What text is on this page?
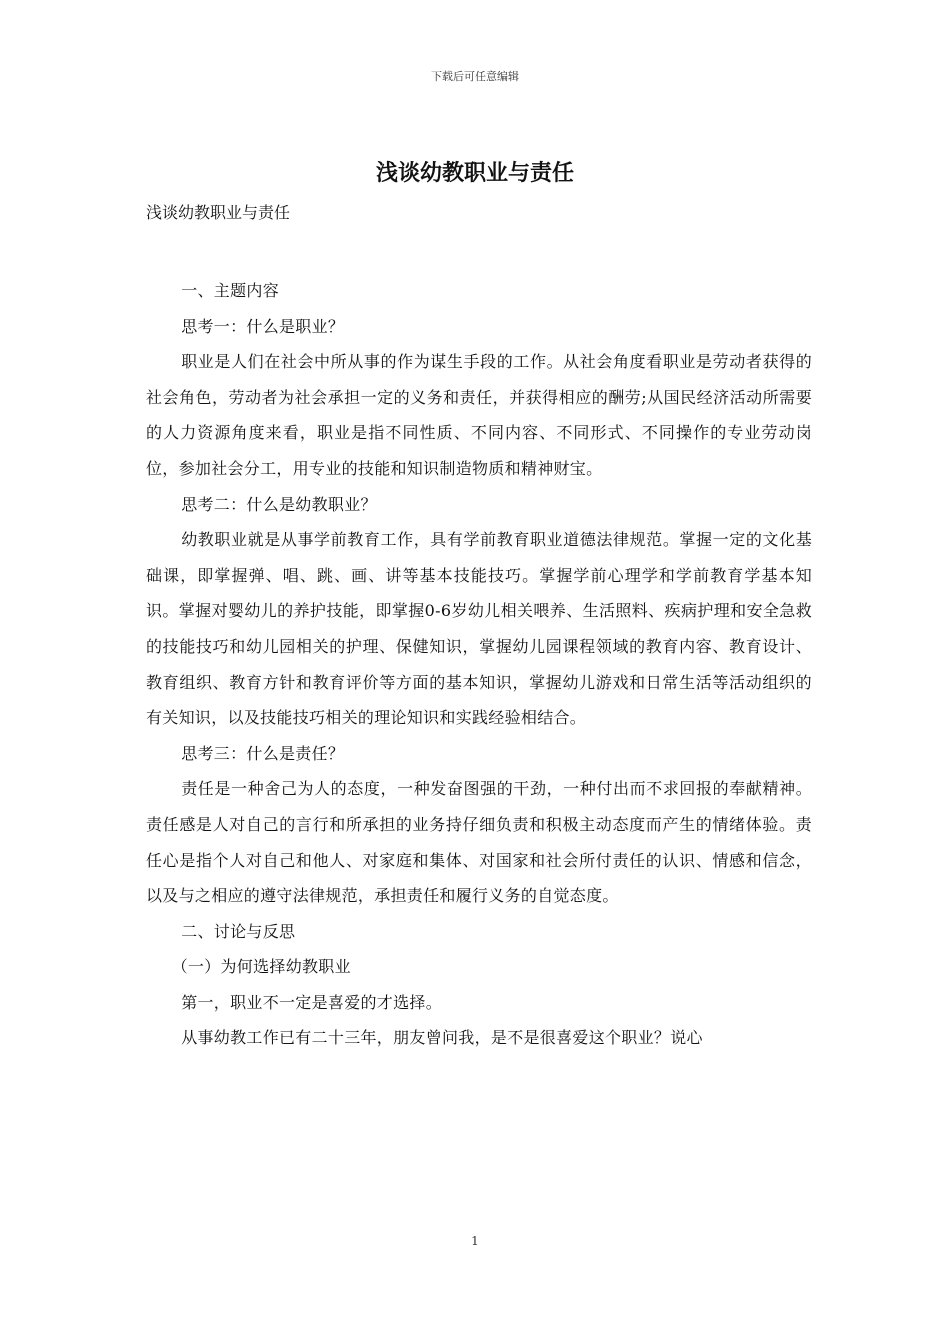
下载后可任意编辑
浅谈幼教职业与责任
浅谈幼教职业与责任

一、主题内容

思考一：什么是职业？

职业是人们在社会中所从事的作为谋生手段的工作。从社会角度看职业是劳动者获得的社会角色，劳动者为社会承担一定的义务和责任，并获得相应的酬劳;从国民经济活动所需要的人力资源角度来看，职业是指不同性质、不同内容、不同形式、不同操作的专业劳动岗位，参加社会分工，用专业的技能和知识制造物质和精神财宝。

思考二：什么是幼教职业？

幼教职业就是从事学前教育工作，具有学前教育职业道德法律规范。掌握一定的文化基础课，即掌握弹、唱、跳、画、讲等基本技能技巧。掌握学前心理学和学前教育学基本知识。掌握对婴幼儿的养护技能，即掌握0-6岁幼儿相关喂养、生活照料、疾病护理和安全急救的技能技巧和幼儿园相关的护理、保健知识，掌握幼儿园课程领域的教育内容、教育设计、教育组织、教育方针和教育评价等方面的基本知识，掌握幼儿游戏和日常生活等活动组织的有关知识，以及技能技巧相关的理论知识和实践经验相结合。

思考三：什么是责任？

责任是一种舍己为人的态度，一种发奋图强的干劲，一种付出而不求回报的奉献精神。责任感是人对自己的言行和所承担的业务持仔细负责和积极主动态度而产生的情绪体验。责任心是指个人对自己和他人、对家庭和集体、对国家和社会所付责任的认识、情感和信念，以及与之相应的遵守法律规范，承担责任和履行义务的自觉态度。

二、讨论与反思

（一）为何选择幼教职业

第一，职业不一定是喜爱的才选择。

从事幼教工作已有二十三年，朋友曾问我，是不是很喜爱这个职业？说心

1
